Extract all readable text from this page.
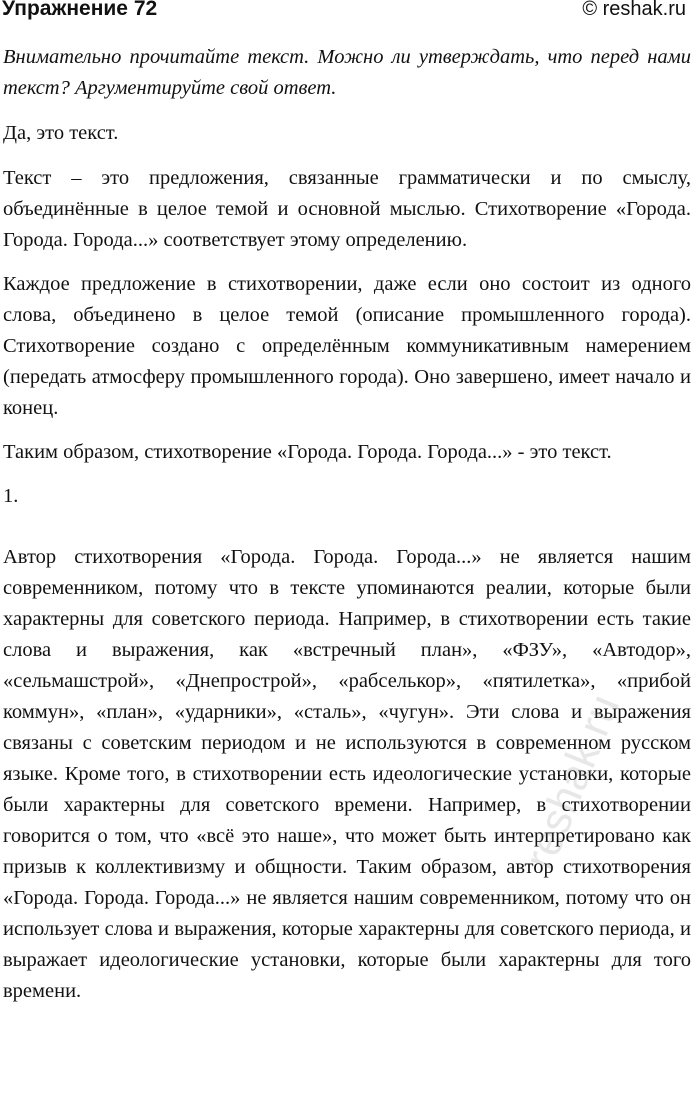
Упражнение 72	© reshak.ru
Внимательно прочитайте текст. Можно ли утверждать, что перед нами текст? Аргументируйте свой ответ.

Да, это текст.

Текст – это предложения, связанные грамматически и по смыслу, объединённые в целое темой и основной мыслью. Стихотворение «Города. Города. Города...» соответствует этому определению.

Каждое предложение в стихотворении, даже если оно состоит из одного слова, объединено в целое темой (описание промышленного города). Стихотворение создано с определённым коммуникативным намерением (передать атмосферу промышленного города). Оно завершено, имеет начало и конец.

Таким образом, стихотворение «Города. Города. Города...» - это текст.

1.

Автор стихотворения «Города. Города. Города...» не является нашим современником, потому что в тексте упоминаются реалии, которые были характерны для советского периода. Например, в стихотворении есть такие слова и выражения, как «встречный план», «ФЗУ», «Автодор», «сельмашстрой», «Днепрострой», «рабселькор», «пятилетка», «прибой коммун», «план», «ударники», «сталь», «чугун». Эти слова и выражения связаны с советским периодом и не используются в современном русском языке. Кроме того, в стихотворении есть идеологические установки, которые были характерны для советского времени. Например, в стихотворении говорится о том, что «всё это наше», что может быть интерпретировано как призыв к коллективизму и общности. Таким образом, автор стихотворения «Города. Города. Города...» не является нашим современником, потому что он использует слова и выражения, которые характерны для советского периода, и выражает идеологические установки, которые были характерны для того времени.

reshak.ru
